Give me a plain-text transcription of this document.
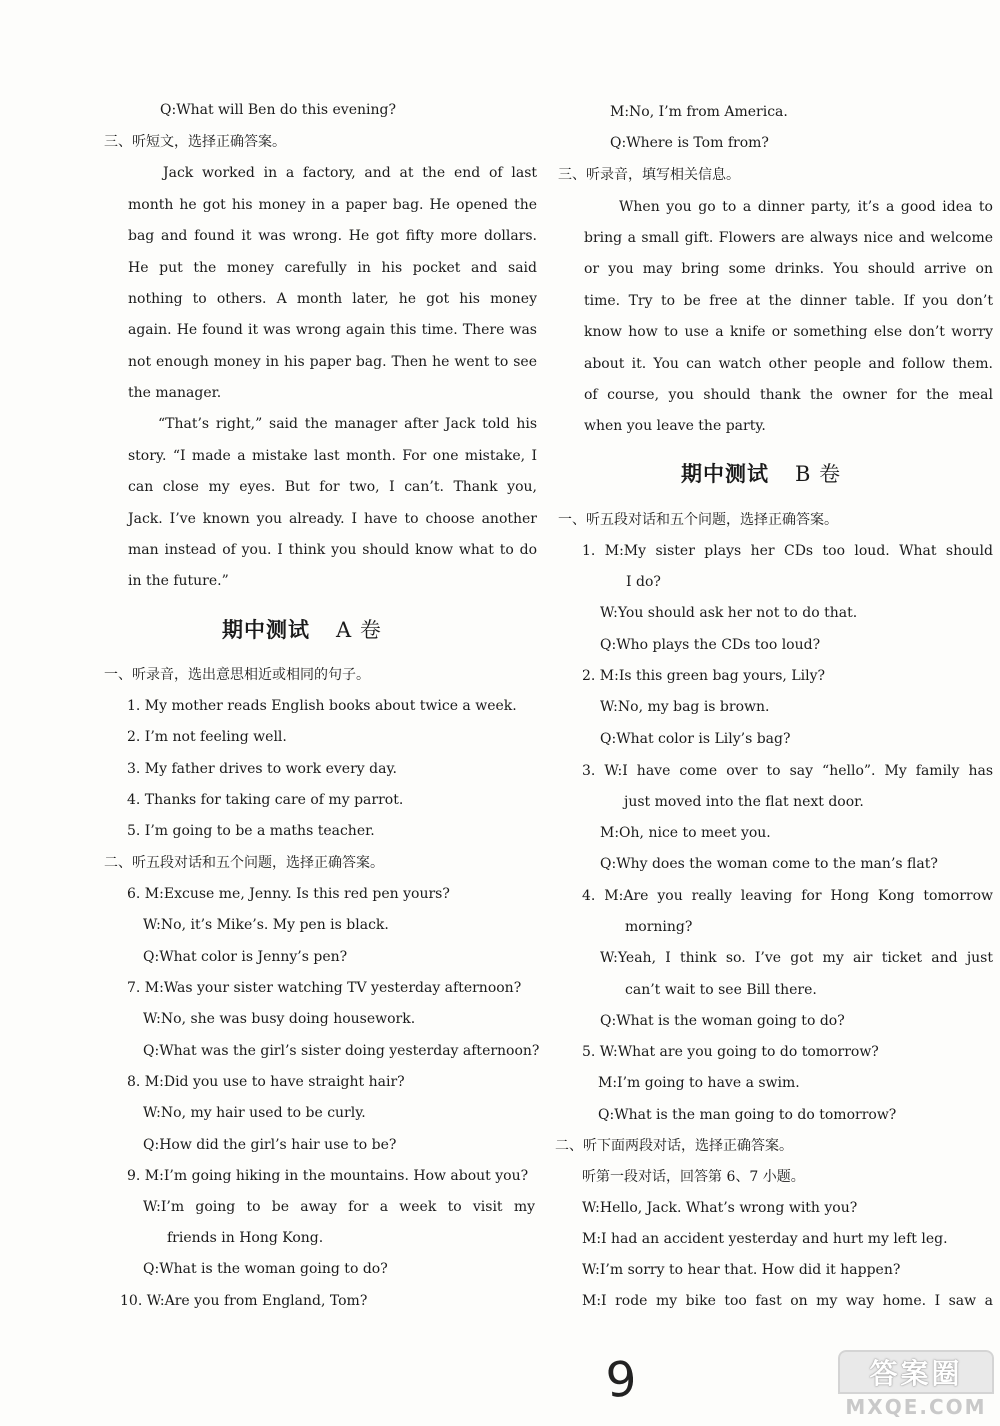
Q:What will Ben do this evening?
三、听短文，选择正确答案。
Jack worked in a factory, and at the end of last
month he got his money in a paper bag. He opened the
bag and found it was wrong. He got fifty more dollars.
He put the money carefully in his pocket and said
nothing to others. A month later, he got his money
again. He found it was wrong again this time. There was
not enough money in his paper bag. Then he went to see
the manager.
“That’s right,” said the manager after Jack told his
story. “I made a mistake last month. For one mistake, I
can close my eyes. But for two, I can’t. Thank you,
Jack. I’ve known you already. I have to choose another
man instead of you. I think you should know what to do
in the future.”
期中测试 A 卷
一、听录音，选出意思相近或相同的句子。
1. My mother reads English books about twice a week.
2. I’m not feeling well.
3. My father drives to work every day.
4. Thanks for taking care of my parrot.
5. I’m going to be a maths teacher.
二、听五段对话和五个问题，选择正确答案。
6. M:Excuse me, Jenny. Is this red pen yours?
W:No, it’s Mike’s. My pen is black.
Q:What color is Jenny’s pen?
7. M:Was your sister watching TV yesterday afternoon?
W:No, she was busy doing housework.
Q:What was the girl’s sister doing yesterday afternoon?
8. M:Did you use to have straight hair?
W:No, my hair used to be curly.
Q:How did the girl’s hair use to be?
9. M:I’m going hiking in the mountains. How about you?
W:I’m going to be away for a week to visit my
friends in Hong Kong.
Q:What is the woman going to do?
10. W:Are you from England, Tom?
M:No, I’m from America.
Q:Where is Tom from?
三、听录音，填写相关信息。
When you go to a dinner party, it’s a good idea to
bring a small gift. Flowers are always nice and welcome
or you may bring some drinks. You should arrive on
time. Try to be free at the dinner table. If you don’t
know how to use a knife or something else don’t worry
about it. You can watch other people and follow them.
of course, you should thank the owner for the meal
when you leave the party.
期中测试 B 卷
一、听五段对话和五个问题，选择正确答案。
1. M:My sister plays her CDs too loud. What should
I do?
W:You should ask her not to do that.
Q:Who plays the CDs too loud?
2. M:Is this green bag yours, Lily?
W:No, my bag is brown.
Q:What color is Lily’s bag?
3. W:I have come over to say “hello”. My family has
just moved into the flat next door.
M:Oh, nice to meet you.
Q:Why does the woman come to the man’s flat?
4. M:Are you really leaving for Hong Kong tomorrow
morning?
W:Yeah, I think so. I’ve got my air ticket and just
can’t wait to see Bill there.
Q:What is the woman going to do?
5. W:What are you going to do tomorrow?
M:I’m going to have a swim.
Q:What is the man going to do tomorrow?
二、听下面两段对话，选择正确答案。
听第一段对话，回答第 6、7 小题。
W:Hello, Jack. What’s wrong with you?
M:I had an accident yesterday and hurt my left leg.
W:I’m sorry to hear that. How did it happen?
M:I rode my bike too fast on my way home. I saw a
9	答案圈
MXQE.COM
